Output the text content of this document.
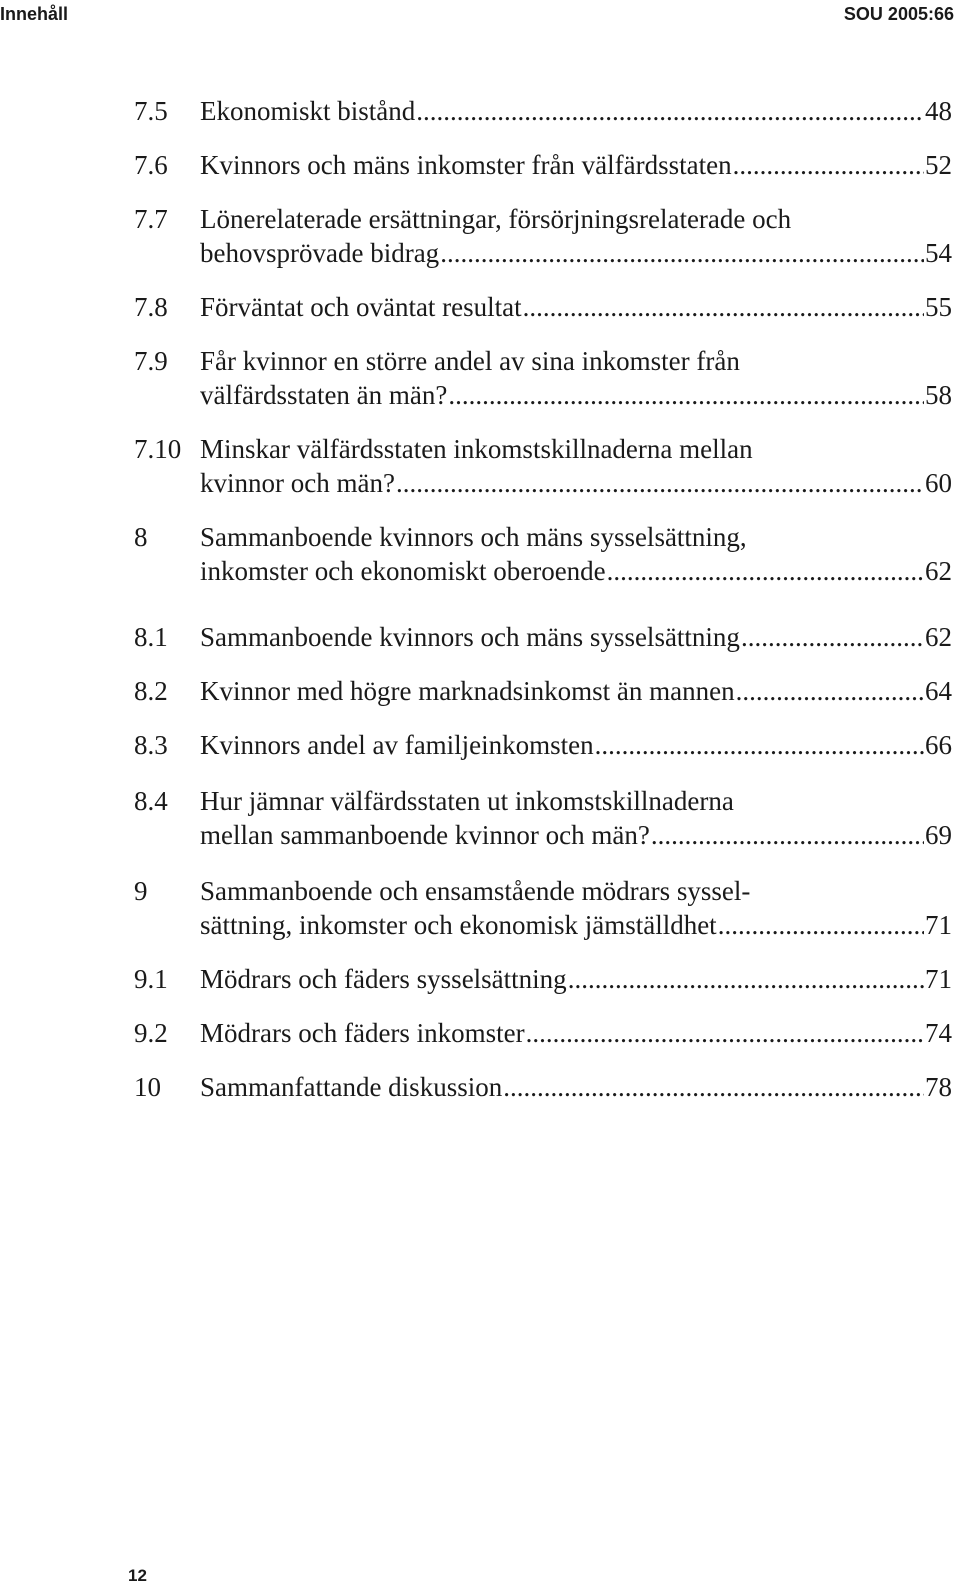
Innehåll	SOU 2005:66
7.5 Ekonomiskt bistånd .....	48
7.6 Kvinnors och mäns inkomster från välfärdsstaten .....	52
7.7 Lönerelaterade ersättningar, försörjningsrelaterade och
behovsprövade bidrag .....	54
7.8 Förväntat och oväntat resultat .....	55
7.9 Får kvinnor en större andel av sina inkomster från
välfärdsstaten än män? .....	58
7.10 Minskar välfärdsstaten inkomstskillnaderna mellan
kvinnor och män? .....	60
8 Sammanboende kvinnors och mäns sysselsättning,
inkomster och ekonomiskt oberoende .....	62
8.1 Sammanboende kvinnors och mäns sysselsättning .....	62
8.2 Kvinnor med högre marknadsinkomst än mannen .....	64
8.3 Kvinnors andel av familjeinkomsten .....	66
8.4 Hur jämnar välfärdsstaten ut inkomstskillnaderna
mellan sammanboende kvinnor och män? .....	69
9 Sammanboende och ensamstående mödrars syssel-
sättning, inkomster och ekonomisk jämställdhet .....	71
9.1 Mödrars och fäders sysselsättning .....	71
9.2 Mödrars och fäders inkomster .....	74
10 Sammanfattande diskussion .....	78
12
